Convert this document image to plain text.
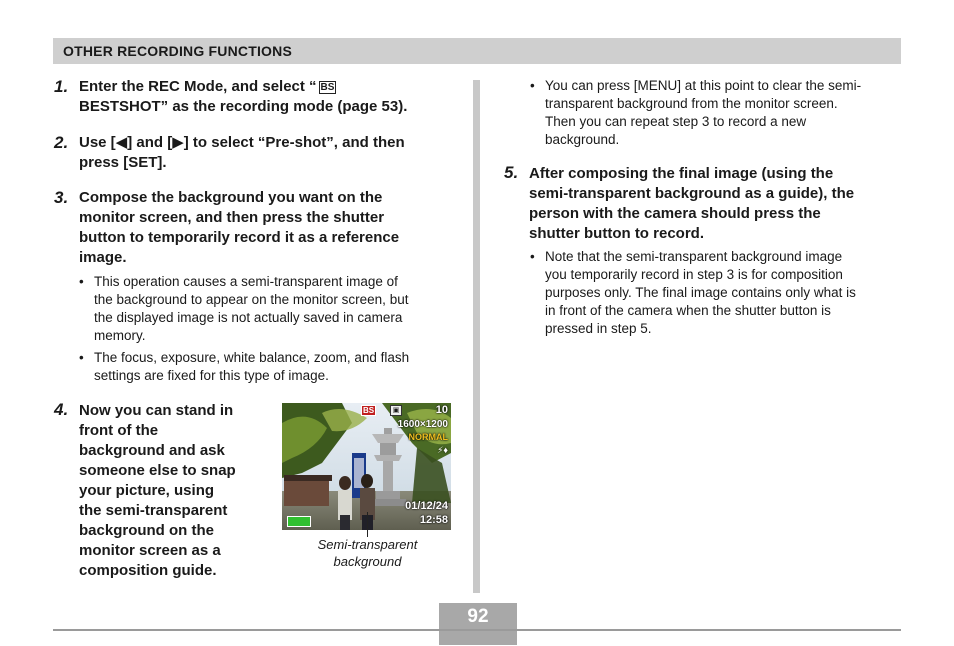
OTHER RECORDING FUNCTIONS
1. Enter the REC Mode, and select “ BS
BESTSHOT” as the recording mode (page 53).
2. Use [◀] and [▶] to select “Pre-shot”, and then
press [SET].
3. Compose the background you want on the
monitor screen, and then press the shutter
button to temporarily record it as a reference
image.
• This operation causes a semi-transparent image of
the background to appear on the monitor screen, but
the displayed image is not actually saved in camera
memory.
• The focus, exposure, white balance, zoom, and flash
settings are fixed for this type of image.
4. Now you can stand in
front of the
background and ask
someone else to snap
your picture, using
the semi-transparent
background on the
monitor screen as a
composition guide.
BS	▣	10
1600×1200
NORMAL
⚡♦
01/12/24
12:58
Semi-transparent
background
• You can press [MENU] at this point to clear the semi-
transparent background from the monitor screen.
Then you can repeat step 3 to record a new
background.
5. After composing the final image (using the
semi-transparent background as a guide), the
person with the camera should press the
shutter button to record.
• Note that the semi-transparent background image
you temporarily record in step 3 is for composition
purposes only. The final image contains only what is
in front of the camera when the shutter button is
pressed in step 5.
92
